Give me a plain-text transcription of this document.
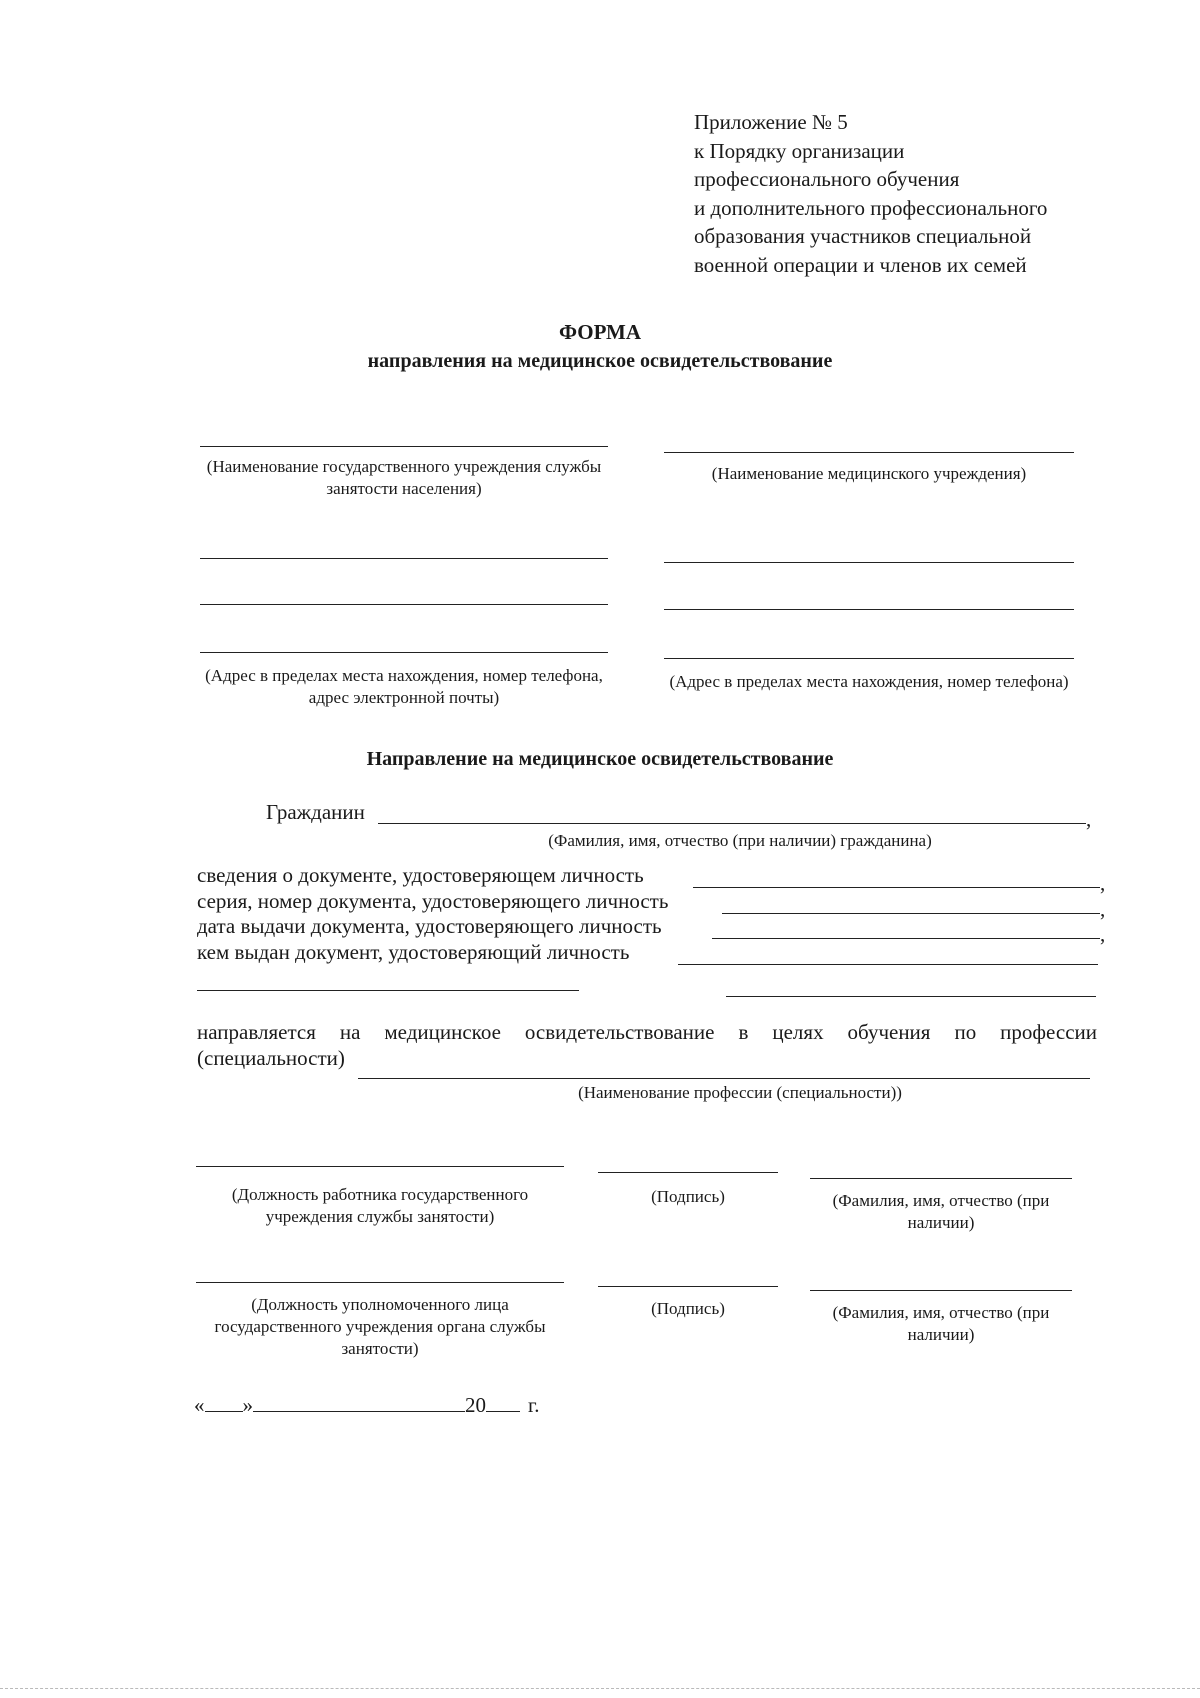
Приложение № 5
к Порядку организации
профессионального обучения
и дополнительного профессионального
образования участников специальной
военной операции и членов их семей
ФОРМА
направления на медицинское освидетельствование
(Наименование государственного учреждения службы занятости населения)
(Наименование медицинского учреждения)
(Адрес в пределах места нахождения, номер телефона, адрес электронной почты)
(Адрес в пределах места нахождения, номер телефона)
Направление на медицинское освидетельствование
Гражданин	,
(Фамилия, имя, отчество (при наличии) гражданина)
сведения о документе, удостоверяющем личность	,
серия, номер документа, удостоверяющего личность	,
дата выдачи документа, удостоверяющего личность	,
кем выдан документ, удостоверяющий личность
направляется на медицинское освидетельствование в целях обучения по профессии
(специальности)
(Наименование профессии (специальности))
(Должность работника государственного учреждения службы занятости)
(Подпись)	(Фамилия, имя, отчество (при наличии)
(Должность уполномоченного лица государственного учреждения органа службы занятости)
(Подпись)	(Фамилия, имя, отчество (при наличии)
« »	20 г.
